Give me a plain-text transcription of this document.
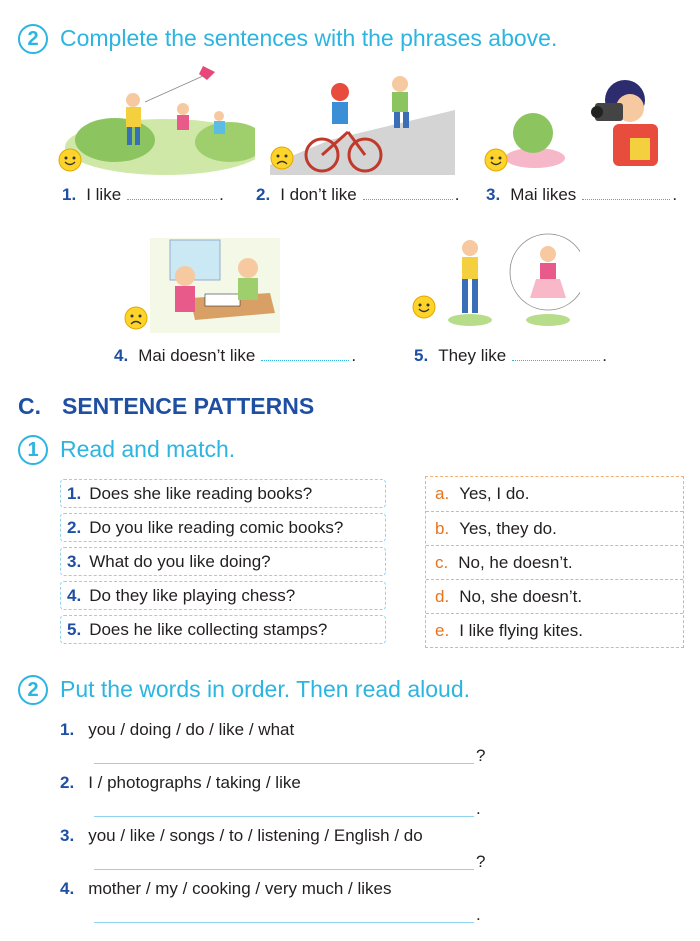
2 Complete the sentences with the phrases above.
1. I like	. 2. I don’t like	. 3. Mai likes	.
4. Mai doesn’t like	.	5. They like	.
C. SENTENCE PATTERNS
1 Read and match.
1. Does she like reading books?
2. Do you like reading comic books?
3. What do you like doing?
4. Do they like playing chess?
5. Does he like collecting stamps?
a. Yes, I do.
b. Yes, they do.
c. No, he doesn’t.
d. No, she doesn’t.
e. I like flying kites.
2 Put the words in order. Then read aloud.
1. you / doing / do / like / what
?
2. I / photographs / taking / like
.
3. you / like / songs / to / listening / English / do
?
4. mother / my / cooking / very much / likes
.
